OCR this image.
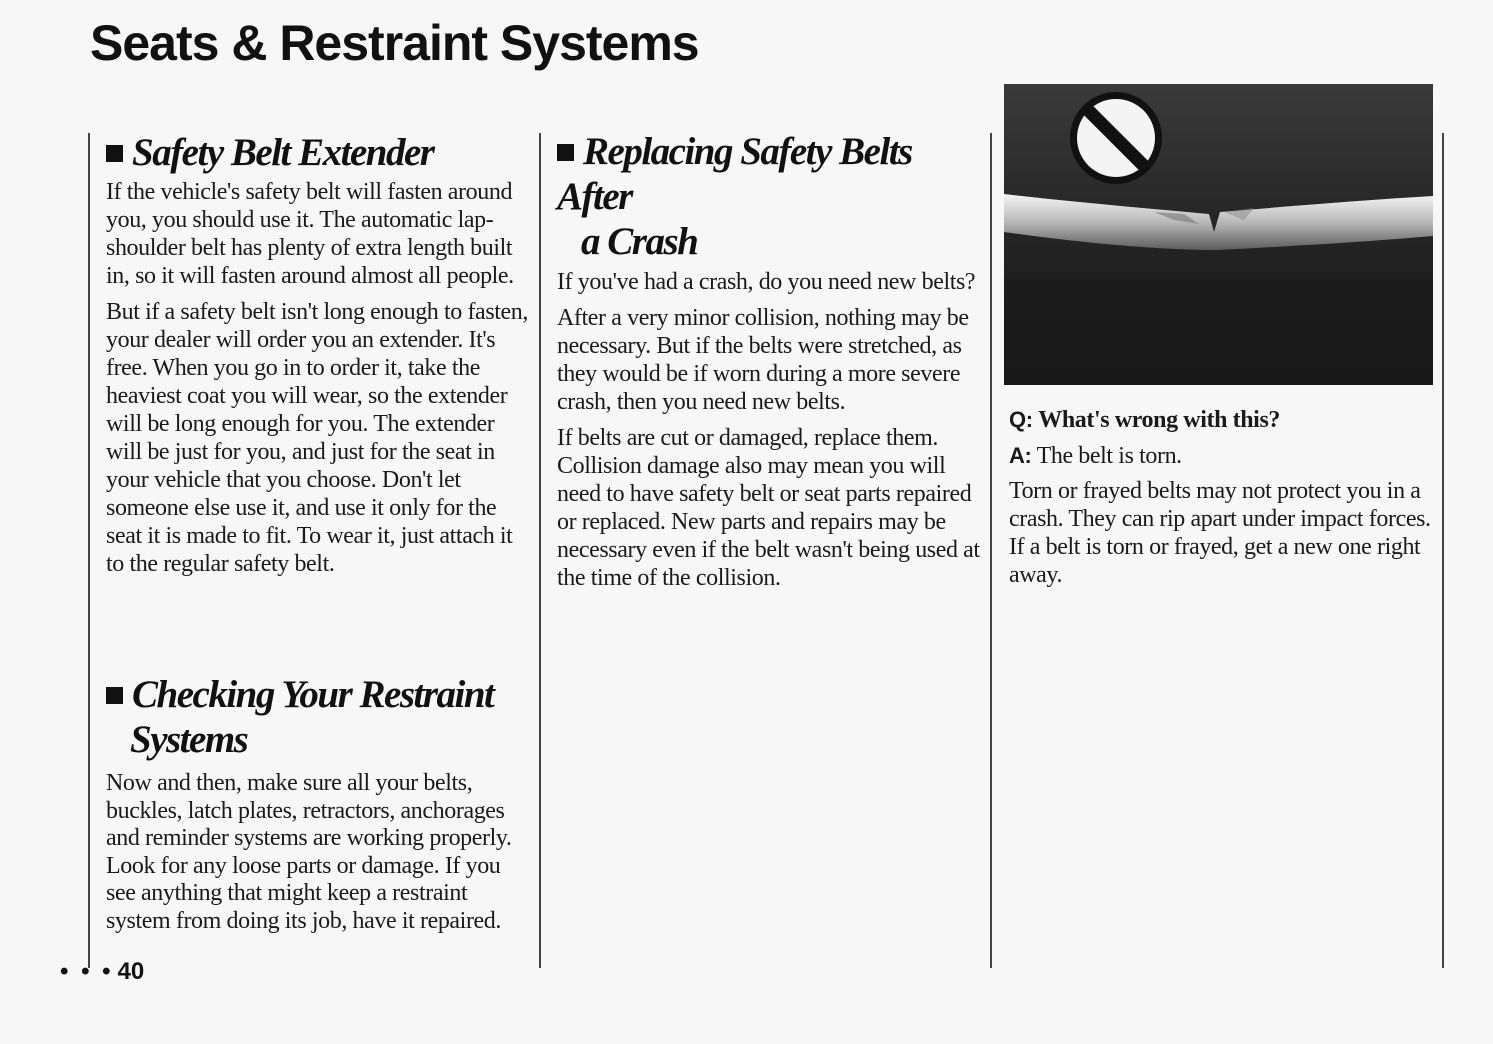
Seats & Restraint Systems
Safety Belt Extender

If the vehicle's safety belt will fasten around you, you should use it. The automatic lap-shoulder belt has plenty of extra length built in, so it will fasten around almost all people.

But if a safety belt isn't long enough to fasten, your dealer will order you an extender. It's free. When you go in to order it, take the heaviest coat you will wear, so the extender will be long enough for you. The extender will be just for you, and just for the seat in your vehicle that you choose. Don't let someone else use it, and use it only for the seat it is made to fit. To wear it, just attach it to the regular safety belt.

Checking Your Restraint
Systems

Now and then, make sure all your belts, buckles, latch plates, retractors, anchorages and reminder systems are working properly. Look for any loose parts or damage. If you see anything that might keep a restraint system from doing its job, have it repaired.

Replacing Safety Belts After
a Crash

If you've had a crash, do you need new belts?

After a very minor collision, nothing may be necessary. But if the belts were stretched, as they would be if worn during a more severe crash, then you need new belts.

If belts are cut or damaged, replace them. Collision damage also may mean you will need to have safety belt or seat parts repaired or replaced. New parts and repairs may be necessary even if the belt wasn't being used at the time of the collision.

Q: What's wrong with this?

A: The belt is torn.

Torn or frayed belts may not protect you in a crash. They can rip apart under impact forces. If a belt is torn or frayed, get a new one right away.

• • • 40
